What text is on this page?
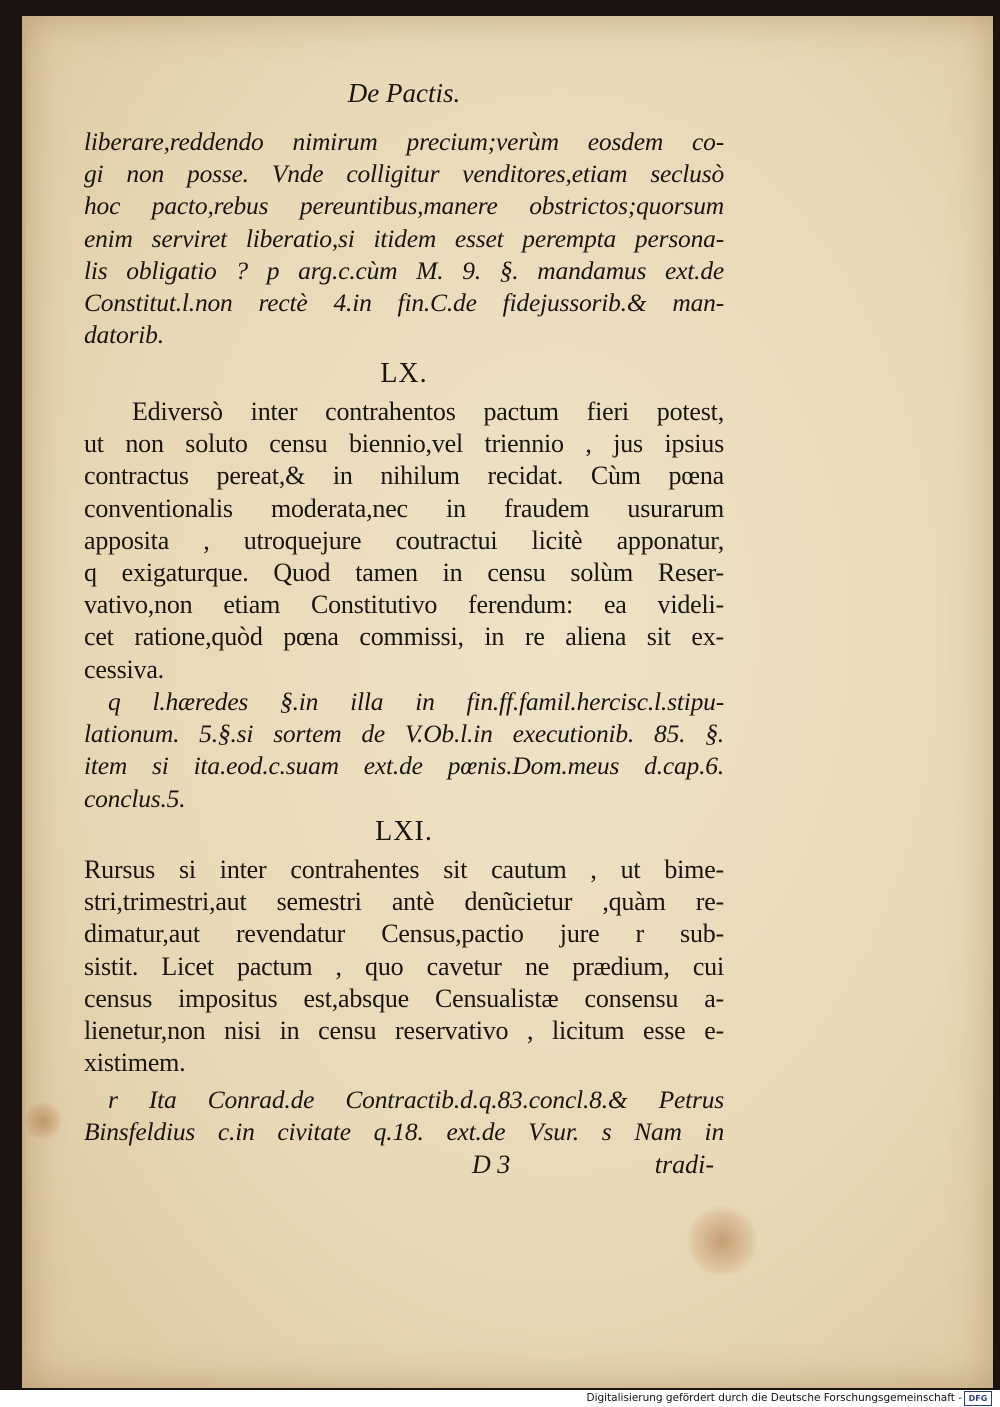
De Pactis.
liberare,reddendo nimirum precium;verùm eosdem co-
gi non posse. Vnde colligitur venditores,etiam seclusò
hoc pacto,rebus pereuntibus,manere obstrictos;quorsum
enim serviret liberatio,si itidem esset perempta persona-
lis obligatio ? p arg.c.cùm M. 9. §. mandamus ext.de
Constitut.l.non rectè 4.in fin.C.de fidejussorib.& man-
datorib.
LX.
Ediversò inter contrahentos pactum fieri potest,
ut non soluto censu biennio,vel triennio , jus ipsius
contractus pereat,& in nihilum recidat. Cùm pœna
conventionalis moderata,nec in fraudem usurarum
apposita , utroquejure coutractui licitè apponatur,
q exigaturque. Quod tamen in censu solùm Reser-
vativo,non etiam Constitutivo ferendum: ea videli-
cet ratione,quòd pœna commissi, in re aliena sit ex-
cessiva.
q l.hæredes §.in illa in fin.ff.famil.hercisc.l.stipu-
lationum. 5.§.si sortem de V.Ob.l.in executionib. 85. §.
item si ita.eod.c.suam ext.de pœnis.Dom.meus d.cap.6.
conclus.5.
LXI.
Rursus si inter contrahentes sit cautum , ut bime-
stri,trimestri,aut semestri antè denũcietur ,quàm re-
dimatur,aut revendatur Census,pactio jure r sub-
sistit. Licet pactum , quo cavetur ne prædium, cui
census impositus est,absque Censualistæ consensu a-
lienetur,non nisi in censu reservativo , licitum esse e-
xistimem.
r Ita Conrad.de Contractib.d.q.83.concl.8.& Petrus
Binsfeldius c.in civitate q.18. ext.de Vsur. s Nam in
D 3	tradi-
Digitalisierung gefördert durch die Deutsche Forschungsgemeinschaft - DFG
